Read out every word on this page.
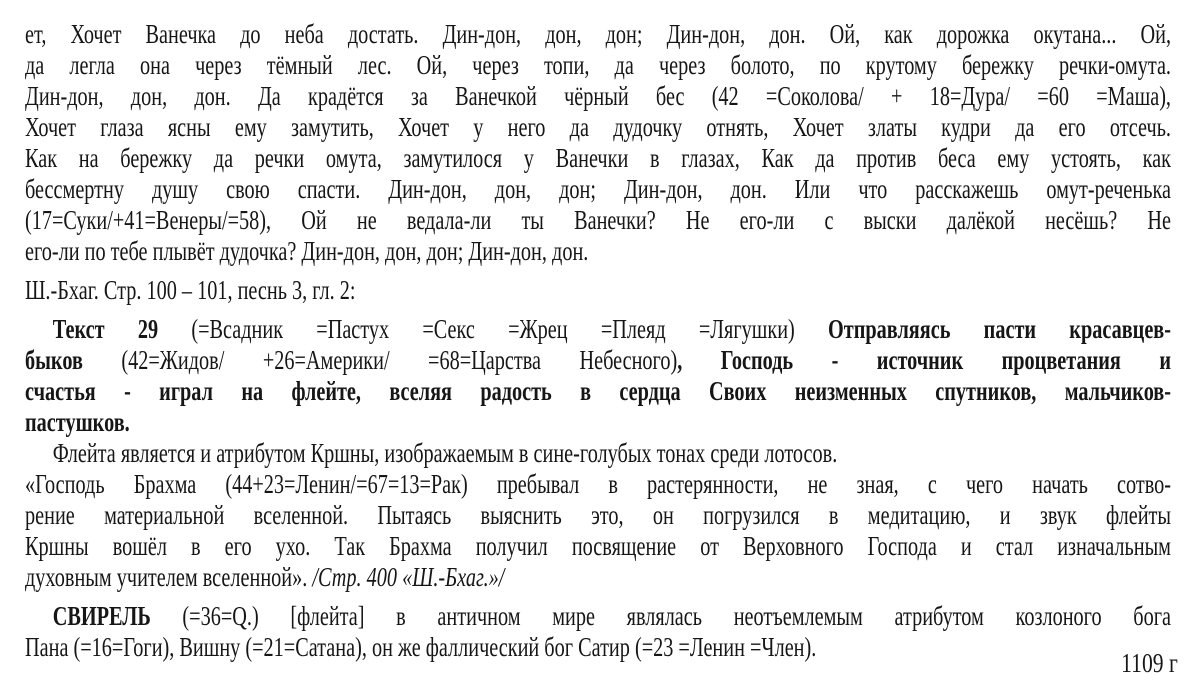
ет, Хочет Ванечка до неба достать. Дин-дон, дон, дон; Дин-дон, дон. Ой, как дорожка окутана... Ой,
да легла она через тёмный лес. Ой, через топи, да через болото, по крутому бережку речки-омута.
Дин-дон, дон, дон. Да крадётся за Ванечкой чёрный бес (42 =Соколова/ + 18=Дура/ =60 =Маша),
Хочет глаза ясны ему замутить, Хочет у него да дудочку отнять, Хочет златы кудри да его отсечь.
Как на бережку да речки омута, замутилося у Ванечки в глазах, Как да против беса ему устоять, как
бессмертну душу свою спасти. Дин-дон, дон, дон; Дин-дон, дон. Или что расскажешь омут-реченька
(17=Суки/+41=Венеры/=58), Ой не ведала-ли ты Ванечки? Не его-ли с выски далёкой несёшь? Не
его-ли по тебе плывёт дудочка? Дин-дон, дон, дон; Дин-дон, дон.
Ш.-Бхаг. Стр. 100 – 101, песнь 3, гл. 2:
Текст 29 (=Всадник =Пастух =Секс =Жрец =Плеяд =Лягушки) Отправляясь пасти красавцев-
быков (42=Жидов/ +26=Америки/ =68=Царства Небесного), Господь - источник процветания и
счастья - играл на флейте, вселяя радость в сердца Своих неизменных спутников, мальчиков-
пастушков.
Флейта является и атрибутом Кршны, изображаемым в сине-голубых тонах среди лотосов.
«Господь Брахма (44+23=Ленин/=67=13=Рак) пребывал в растерянности, не зная, с чего начать сотво-
рение материальной вселенной. Пытаясь выяснить это, он погрузился в медитацию, и звук флейты
Кршны вошёл в его ухо. Так Брахма получил посвящение от Верховного Господа и стал изначальным
духовным учителем вселенной». /Стр. 400 «Ш.-Бхаг.»/
СВИРЕЛЬ (=36=Q.) [флейта] в античном мире являлась неотъемлемым атрибутом козлоного бога
Пана (=16=Гоги), Вишну (=21=Сатана), он же фаллический бог Сатир (=23 =Ленин =Член).
1109 г
